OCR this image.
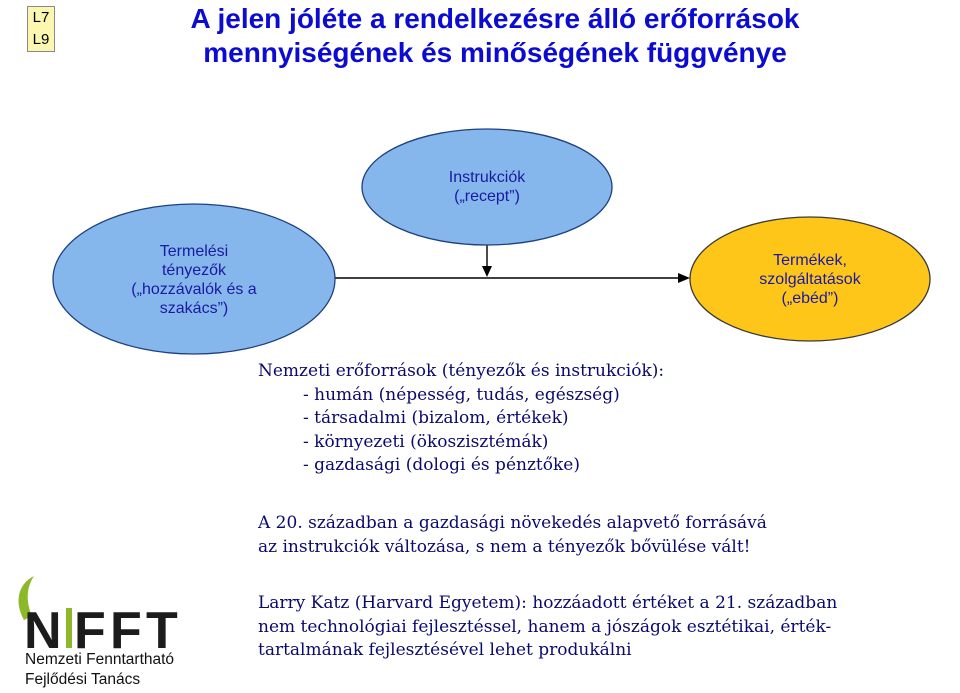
L7
L9
A jelen jóléte a rendelkezésre álló erőforrások
mennyiségének és minőségének függvénye
Instrukciók
(„recept”)
Termelési
tényezők
(„hozzávalók és a
szakács”)
Termékek,
szolgáltatások
(„ebéd”)

Nemzeti erőforrások (tényezők és instrukciók):
- humán (népesség, tudás, egészség)
- társadalmi (bizalom, értékek)
- környezeti (ökoszisztémák)
- gazdasági (dologi és pénztőke)

A 20. században a gazdasági növekedés alapvető forrásává
az instrukciók változása, s nem a tényezők bővülése vált!

Larry Katz (Harvard Egyetem): hozzáadott értéket a 21. században
nem technológiai fejlesztéssel, hanem a jószágok esztétikai, érték-
tartalmának fejlesztésével lehet produkálni

N F F T
Nemzeti Fenntartható
Fejlődési Tanács
